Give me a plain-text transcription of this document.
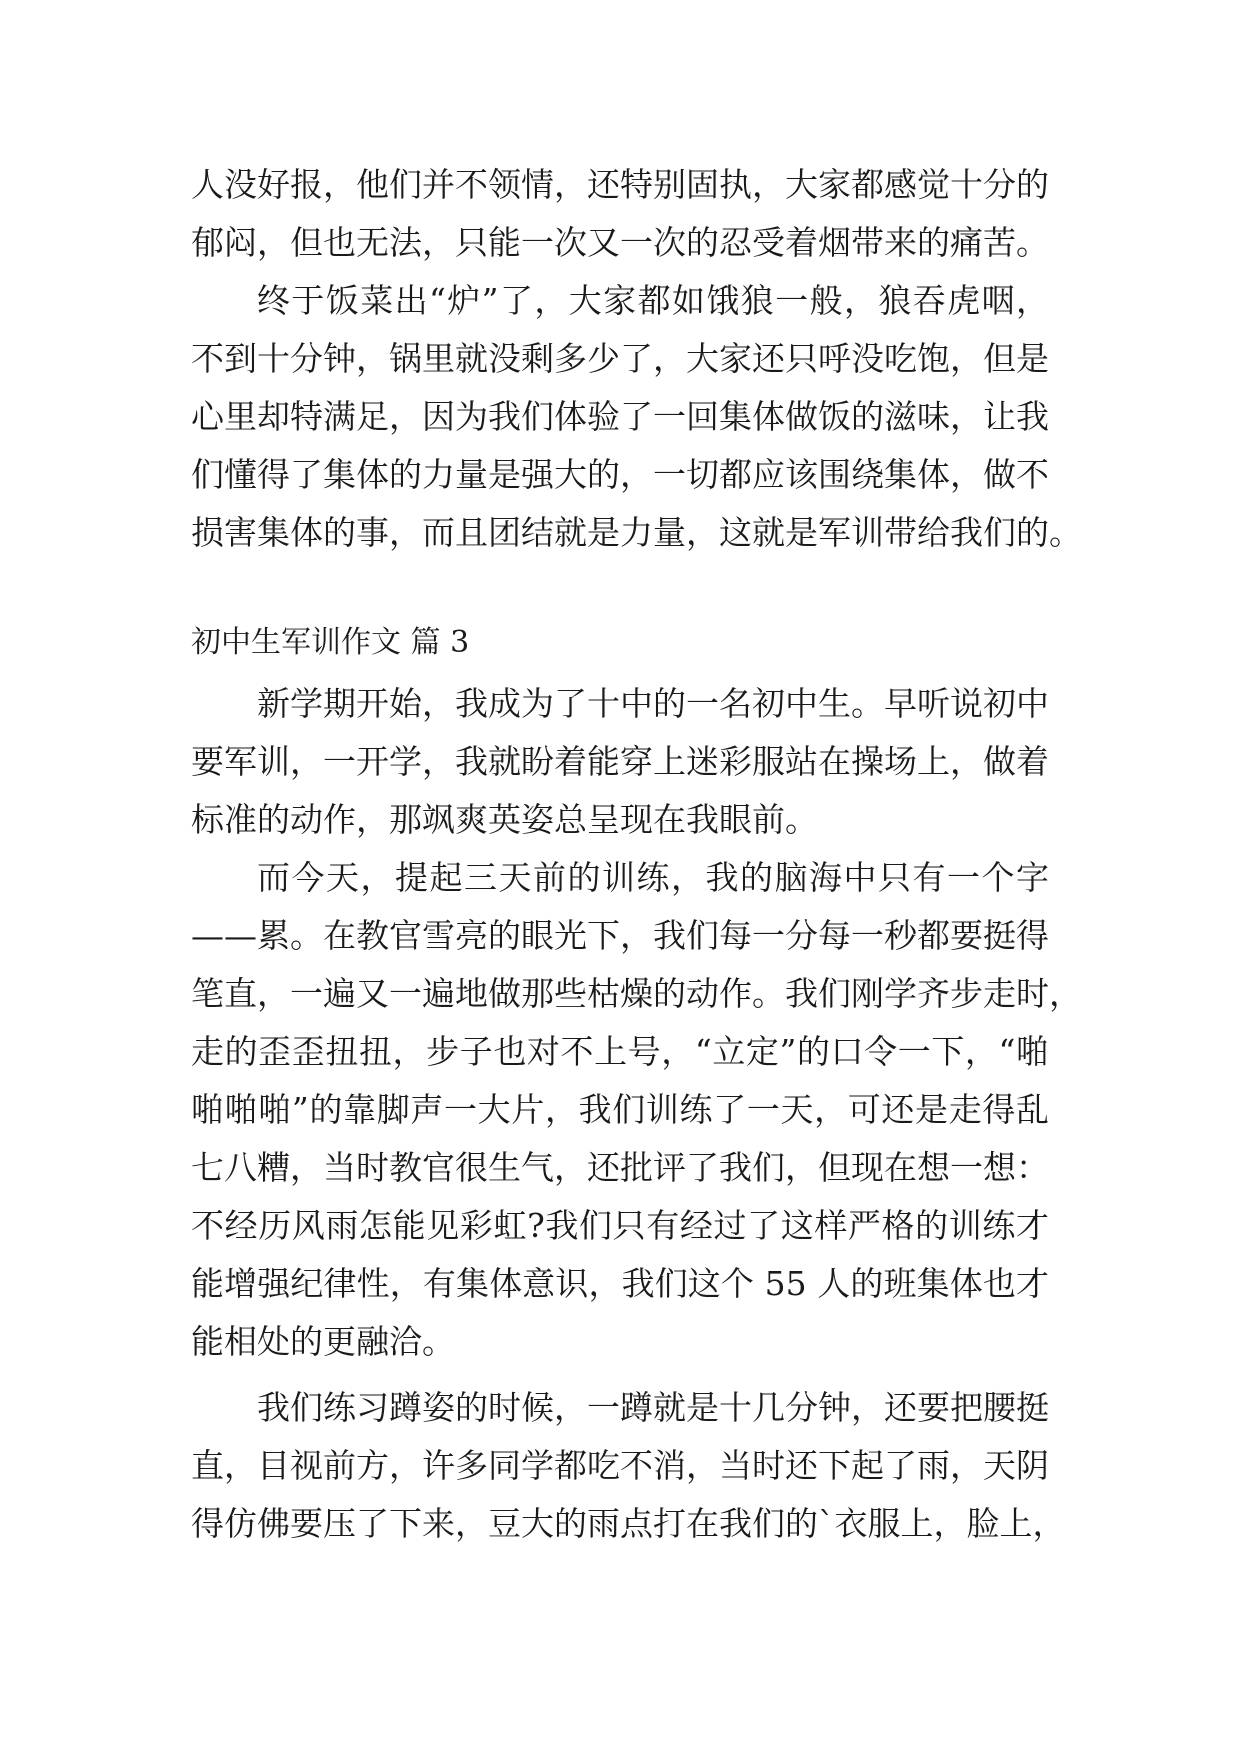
人没好报，他们并不领情，还特别固执，大家都感觉十分的
郁闷，但也无法，只能一次又一次的忍受着烟带来的痛苦。
终于饭菜出“炉”了，大家都如饿狼一般，狼吞虎咽，
不到十分钟，锅里就没剩多少了，大家还只呼没吃饱，但是
心里却特满足，因为我们体验了一回集体做饭的滋味，让我
们懂得了集体的力量是强大的，一切都应该围绕集体，做不
损害集体的事，而且团结就是力量，这就是军训带给我们的。
初中生军训作文 篇 3
新学期开始，我成为了十中的一名初中生。早听说初中
要军训，一开学，我就盼着能穿上迷彩服站在操场上，做着
标准的动作，那飒爽英姿总呈现在我眼前。
而今天，提起三天前的训练，我的脑海中只有一个字
——累。在教官雪亮的眼光下，我们每一分每一秒都要挺得
笔直，一遍又一遍地做那些枯燥的动作。我们刚学齐步走时，
走的歪歪扭扭，步子也对不上号，“立定”的口令一下，“啪
啪啪啪”的靠脚声一大片，我们训练了一天，可还是走得乱
七八糟，当时教官很生气，还批评了我们，但现在想一想：
不经历风雨怎能见彩虹?我们只有经过了这样严格的训练才
能增强纪律性，有集体意识，我们这个 55 人的班集体也才
能相处的更融洽。
我们练习蹲姿的时候，一蹲就是十几分钟，还要把腰挺
直，目视前方，许多同学都吃不消，当时还下起了雨，天阴
得仿佛要压了下来，豆大的雨点打在我们的`衣服上，脸上，
